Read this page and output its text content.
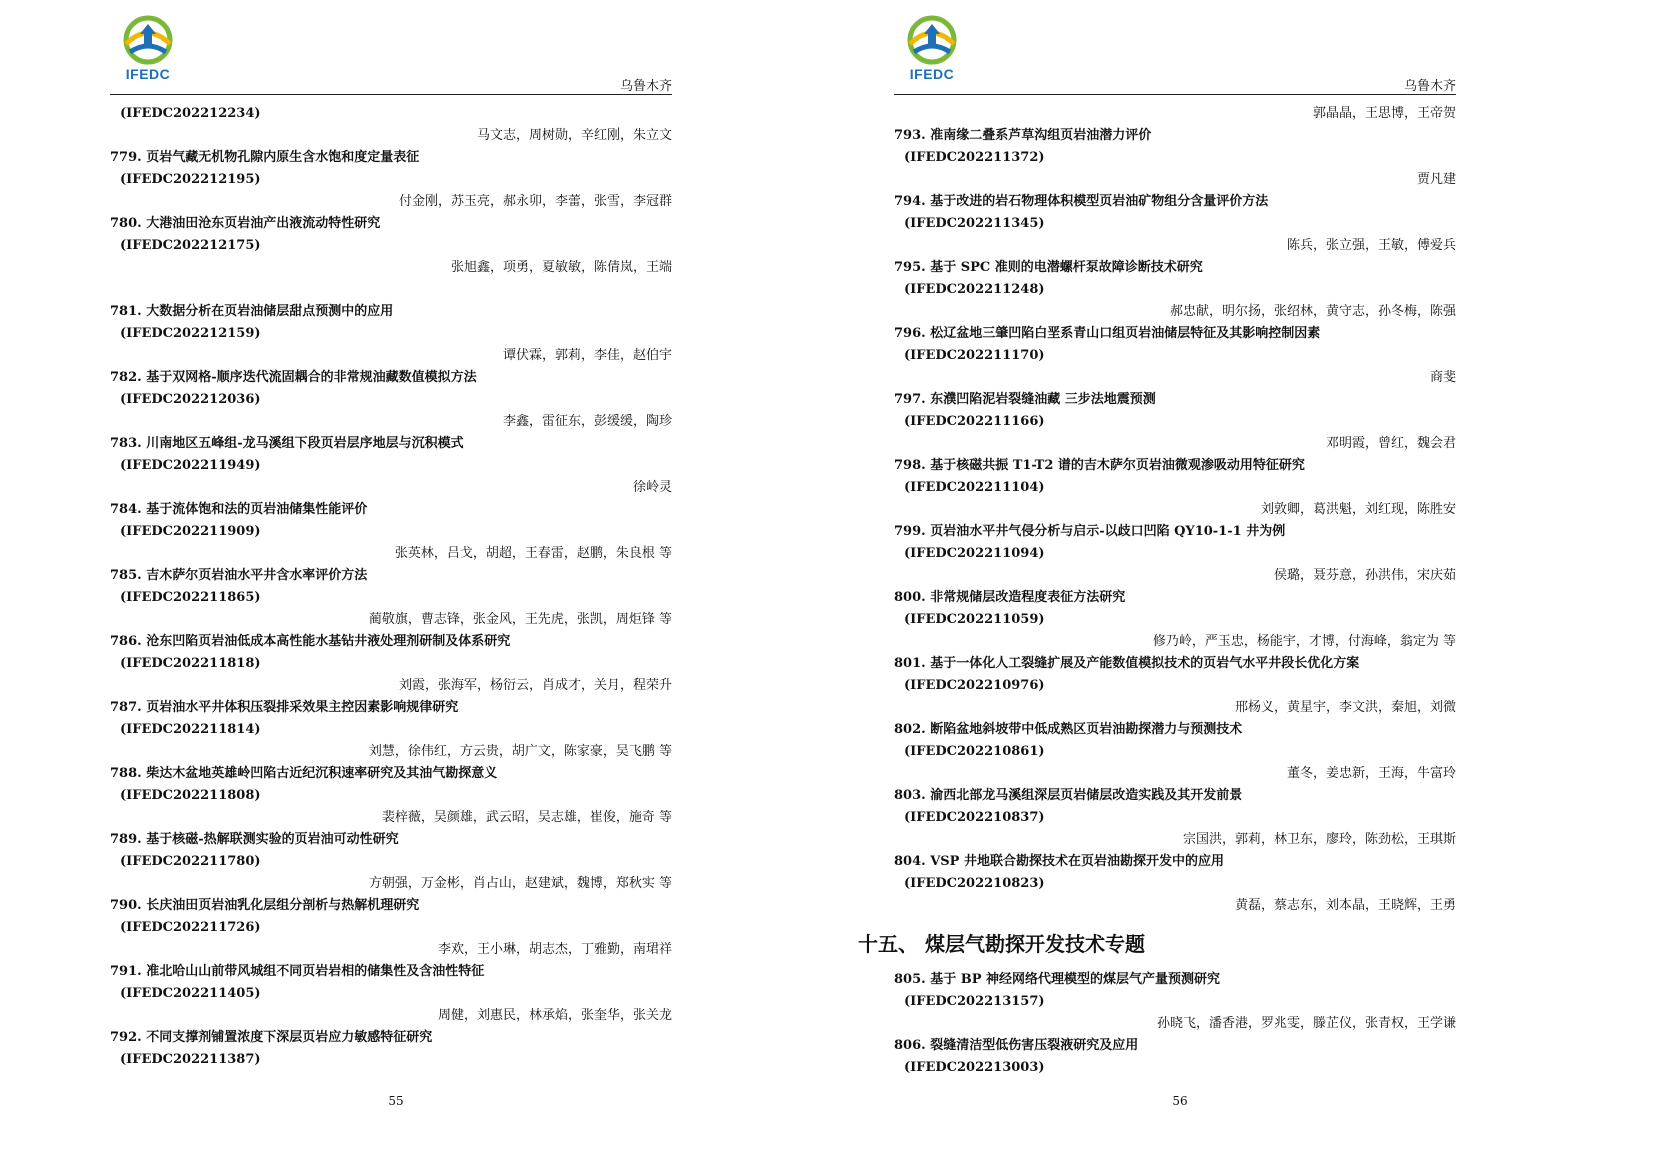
IFEDC
乌鲁木齐
(IFEDC202212234)
马文志，周树勋，辛红刚，朱立文
779. 页岩气藏无机物孔隙内原生含水饱和度定量表征
(IFEDC202212195)
付金刚，苏玉亮，郝永卯，李蕾，张雪，李冠群
780. 大港油田沧东页岩油产出液流动特性研究
(IFEDC202212175)
张旭鑫，项勇，夏敏敏，陈倩岚，王端
781. 大数据分析在页岩油储层甜点预测中的应用
(IFEDC202212159)
谭伏霖，郭莉，李佳，赵伯宇
782. 基于双网格-顺序迭代流固耦合的非常规油藏数值模拟方法
(IFEDC202212036)
李鑫，雷征东，彭缓缓，陶珍
783. 川南地区五峰组-龙马溪组下段页岩层序地层与沉积模式
(IFEDC202211949)
徐岭灵
784. 基于流体饱和法的页岩油储集性能评价
(IFEDC202211909)
张英林，吕戈，胡超，王春雷，赵鹏，朱良根 等
785. 吉木萨尔页岩油水平井含水率评价方法
(IFEDC202211865)
蔺敬旗，曹志锋，张金风，王先虎，张凯，周炬锋 等
786. 沧东凹陷页岩油低成本高性能水基钻井液处理剂研制及体系研究
(IFEDC202211818)
刘霞，张海军，杨衍云，肖成才，关月，程荣升
787. 页岩油水平井体积压裂排采效果主控因素影响规律研究
(IFEDC202211814)
刘慧，徐伟红，方云贵，胡广文，陈家豪，吴飞鹏 等
788. 柴达木盆地英雄岭凹陷古近纪沉积速率研究及其油气勘探意义
(IFEDC202211808)
裴梓薇，吴颜雄，武云昭，吴志雄，崔俊，施奇 等
789. 基于核磁-热解联测实验的页岩油可动性研究
(IFEDC202211780)
方朝强，万金彬，肖占山，赵建斌，魏博，郑秋实 等
790. 长庆油田页岩油乳化层组分剖析与热解机理研究
(IFEDC202211726)
李欢，王小琳，胡志杰，丁雅勤，南珺祥
791. 准北哈山山前带风城组不同页岩岩相的储集性及含油性特征
(IFEDC202211405)
周健，刘惠民，林承焰，张奎华，张关龙
792. 不同支撑剂铺置浓度下深层页岩应力敏感特征研究
(IFEDC202211387)
55
IFEDC
乌鲁木齐
郭晶晶，王思博，王帝贺
793. 准南缘二叠系芦草沟组页岩油潜力评价
(IFEDC202211372)
贾凡建
794. 基于改进的岩石物理体积模型页岩油矿物组分含量评价方法
(IFEDC202211345)
陈兵，张立强，王敏，傅爱兵
795. 基于 SPC 准则的电潜螺杆泵故障诊断技术研究
(IFEDC202211248)
郝忠献，明尔扬，张绍林，黄守志，孙冬梅，陈强
796. 松辽盆地三肇凹陷白垩系青山口组页岩油储层特征及其影响控制因素
(IFEDC202211170)
商斐
797. 东濮凹陷泥岩裂缝油藏 三步法地震预测
(IFEDC202211166)
邓明霞，曾红，魏会君
798. 基于核磁共振 T1-T2 谱的吉木萨尔页岩油微观渗吸动用特征研究
(IFEDC202211104)
刘敦卿，葛洪魁，刘红现，陈胜安
799. 页岩油水平井气侵分析与启示-以歧口凹陷 QY10-1-1 井为例
(IFEDC202211094)
侯璐，聂芬意，孙洪伟，宋庆茹
800. 非常规储层改造程度表征方法研究
(IFEDC202211059)
修乃岭，严玉忠，杨能宇，才博，付海峰，翁定为 等
801. 基于一体化人工裂缝扩展及产能数值模拟技术的页岩气水平井段长优化方案
(IFEDC202210976)
邢杨义，黄星宇，李文洪，秦旭，刘微
802. 断陷盆地斜坡带中低成熟区页岩油勘探潜力与预测技术
(IFEDC202210861)
董冬，姜忠新，王海，牛富玲
803. 渝西北部龙马溪组深层页岩储层改造实践及其开发前景
(IFEDC202210837)
宗国洪，郭莉，林卫东，廖玲，陈劲松，王琪斯
804. VSP 井地联合勘探技术在页岩油勘探开发中的应用
(IFEDC202210823)
黄磊，蔡志东，刘本晶，王晓辉，王勇
十五、 煤层气勘探开发技术专题
805. 基于 BP 神经网络代理模型的煤层气产量预测研究
(IFEDC202213157)
孙晓飞，潘香港，罗兆雯，滕芷仪，张青权，王学谦
806. 裂缝清洁型低伤害压裂液研究及应用
(IFEDC202213003)
56
